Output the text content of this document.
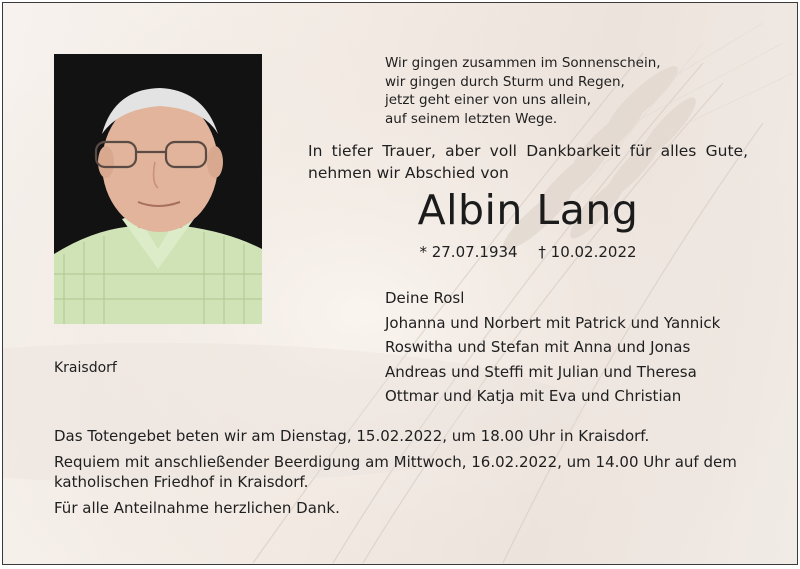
Wir gingen zusammen im Sonnenschein,
wir gingen durch Sturm und Regen,
jetzt geht einer von uns allein,
auf seinem letzten Wege.
In tiefer Trauer, aber voll Dankbarkeit für alles Gute,
nehmen wir Abschied von
Albin Lang
* 27.07.1934 † 10.02.2022
Deine Rosl
Johanna und Norbert mit Patrick und Yannick
Roswitha und Stefan mit Anna und Jonas
Andreas und Steffi mit Julian und Theresa
Ottmar und Katja mit Eva und Christian
Kraisdorf

Das Totengebet beten wir am Dienstag, 15.02.2022, um 18.00 Uhr in Kraisdorf.

Requiem mit anschließender Beerdigung am Mittwoch, 16.02.2022, um 14.00 Uhr auf dem katholischen Friedhof in Kraisdorf.

Für alle Anteilnahme herzlichen Dank.
